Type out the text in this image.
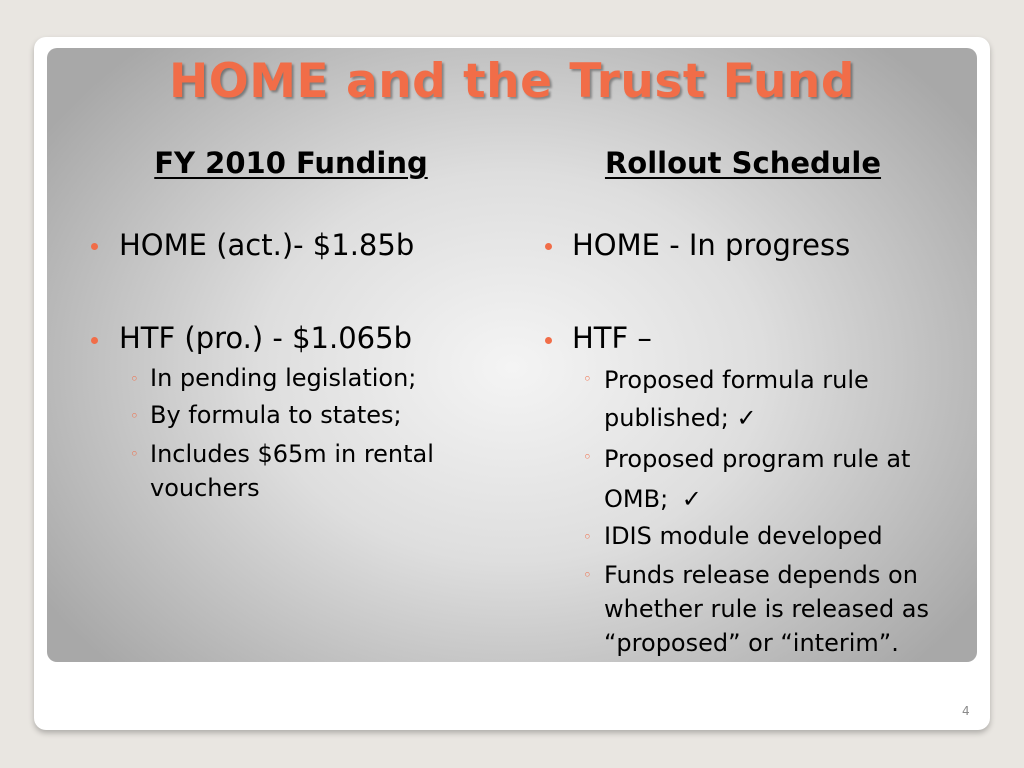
HOME and the Trust Fund
FY 2010 Funding
HOME (act.)- $1.85b
HTF (pro.) - $1.065b
◦ In pending legislation;
◦ By formula to states;
◦ Includes $65m in rental vouchers
Rollout Schedule
HOME - In progress
HTF –
◦ Proposed formula rule published; ✓
◦ Proposed program rule at OMB; ✓
◦ IDIS module developed
◦ Funds release depends on whether rule is released as “proposed” or “interim”.
4
